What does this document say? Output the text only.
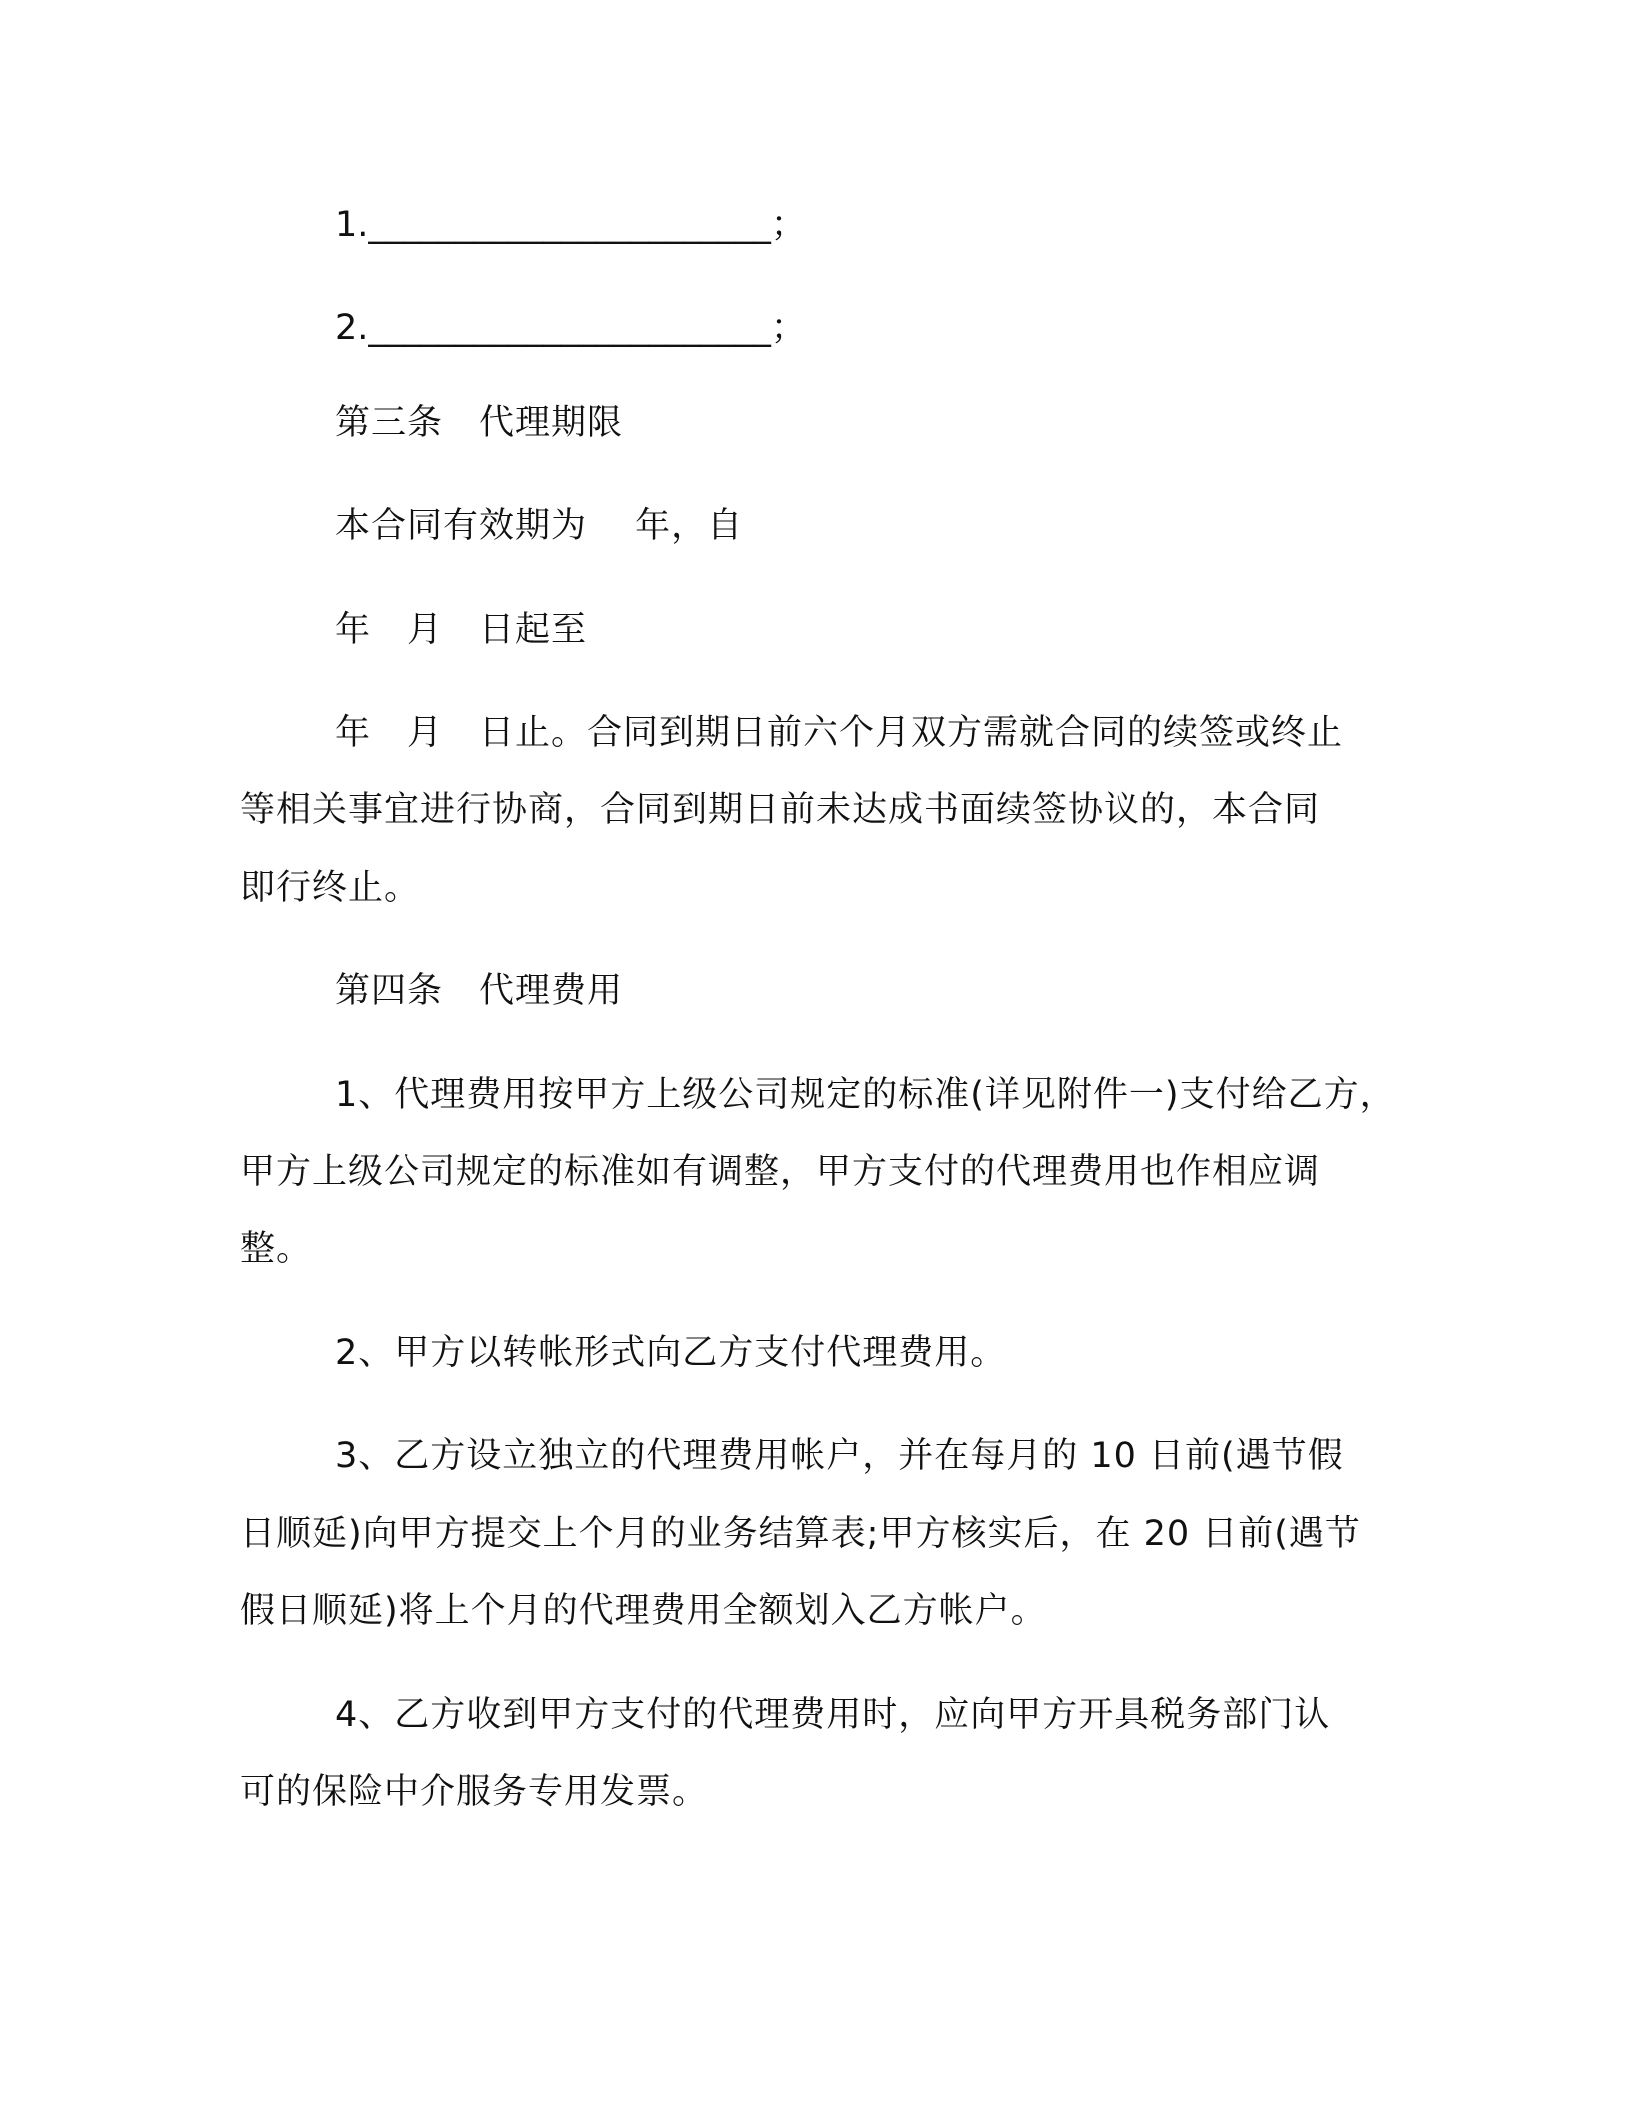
1._______________________；
2._______________________；
第三条　代理期限
本合同有效期为　 年，自
年　月　日起至
年　月　日止。合同到期日前六个月双方需就合同的续签或终止
等相关事宜进行协商，合同到期日前未达成书面续签协议的，本合同
即行终止。
第四条　代理费用
1、代理费用按甲方上级公司规定的标准(详见附件一)支付给乙方，
甲方上级公司规定的标准如有调整，甲方支付的代理费用也作相应调
整。
2、甲方以转帐形式向乙方支付代理费用。
3、乙方设立独立的代理费用帐户，并在每月的 10 日前(遇节假
日顺延)向甲方提交上个月的业务结算表;甲方核实后，在 20 日前(遇节
假日顺延)将上个月的代理费用全额划入乙方帐户。
4、乙方收到甲方支付的代理费用时，应向甲方开具税务部门认
可的保险中介服务专用发票。
